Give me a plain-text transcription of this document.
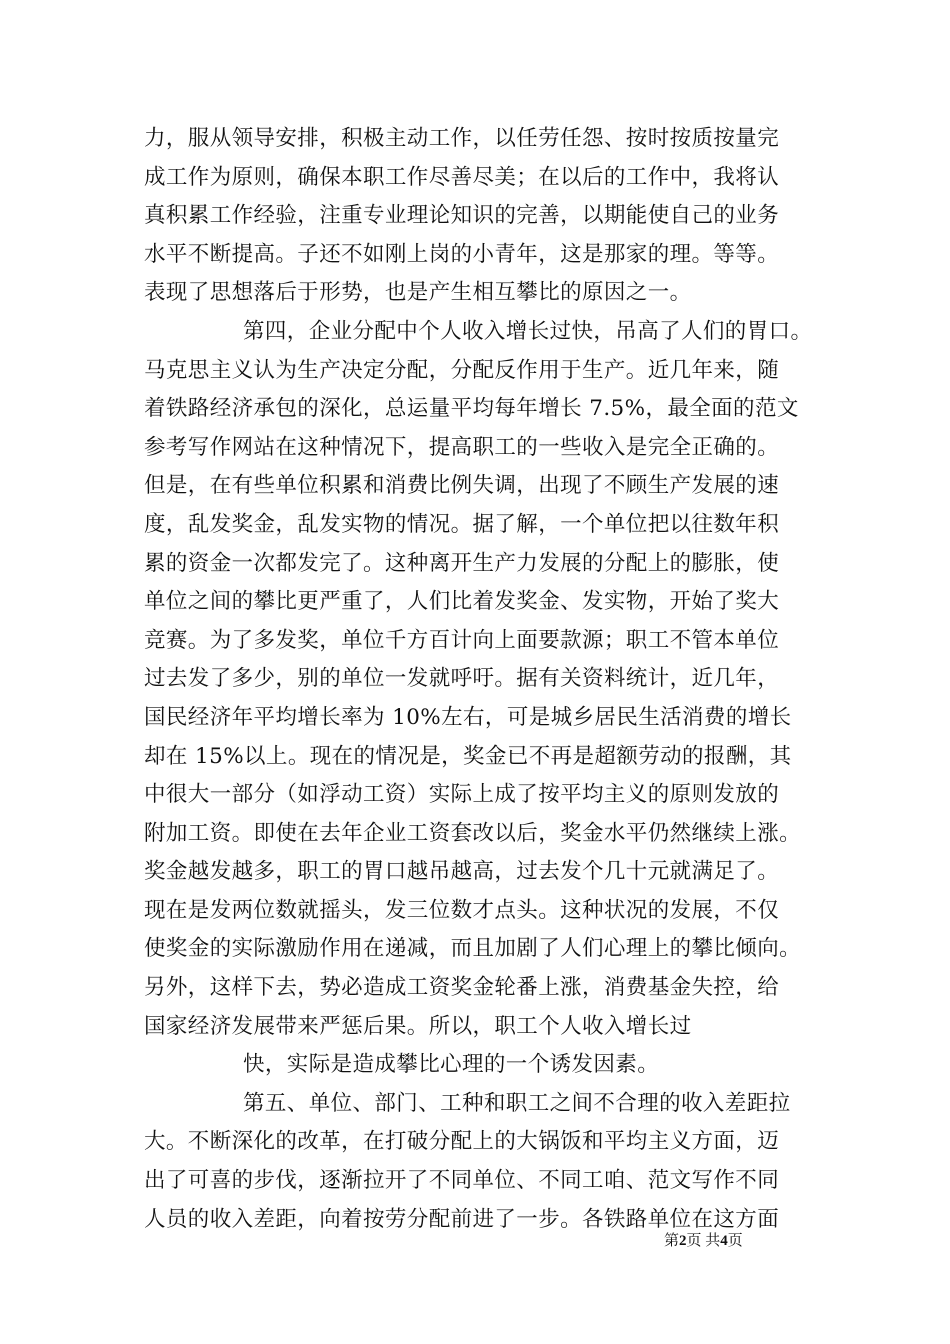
力，服从领导安排，积极主动工作，以任劳任怨、按时按质按量完
成工作为原则，确保本职工作尽善尽美；在以后的工作中，我将认
真积累工作经验，注重专业理论知识的完善，以期能使自己的业务
水平不断提高。子还不如刚上岗的小青年，这是那家的理。等等。
表现了思想落后于形势，也是产生相互攀比的原因之一。
第四，企业分配中个人收入增长过快，吊高了人们的胃口。
马克思主义认为生产决定分配，分配反作用于生产。近几年来，随
着铁路经济承包的深化，总运量平均每年增长 7.5%，最全面的范文
参考写作网站在这种情况下，提高职工的一些收入是完全正确的。
但是，在有些单位积累和消费比例失调，出现了不顾生产发展的速
度，乱发奖金，乱发实物的情况。据了解，一个单位把以往数年积
累的资金一次都发完了。这种离开生产力发展的分配上的膨胀，使
单位之间的攀比更严重了，人们比着发奖金、发实物，开始了奖大
竞赛。为了多发奖，单位千方百计向上面要款源；职工不管本单位
过去发了多少，别的单位一发就呼吁。据有关资料统计，近几年，
国民经济年平均增长率为 10%左右，可是城乡居民生活消费的增长
却在 15%以上。现在的情况是，奖金已不再是超额劳动的报酬，其
中很大一部分（如浮动工资）实际上成了按平均主义的原则发放的
附加工资。即使在去年企业工资套改以后，奖金水平仍然继续上涨。
奖金越发越多，职工的胃口越吊越高，过去发个几十元就满足了。
现在是发两位数就摇头，发三位数才点头。这种状况的发展，不仅
使奖金的实际激励作用在递减，而且加剧了人们心理上的攀比倾向。
另外，这样下去，势必造成工资奖金轮番上涨，消费基金失控，给
国家经济发展带来严惩后果。所以，职工个人收入增长过
快，实际是造成攀比心理的一个诱发因素。
第五、单位、部门、工种和职工之间不合理的收入差距拉
大。不断深化的改革，在打破分配上的大锅饭和平均主义方面，迈
出了可喜的步伐，逐渐拉开了不同单位、不同工咱、范文写作不同
人员的收入差距，向着按劳分配前进了一步。各铁路单位在这方面
第2页 共4页
